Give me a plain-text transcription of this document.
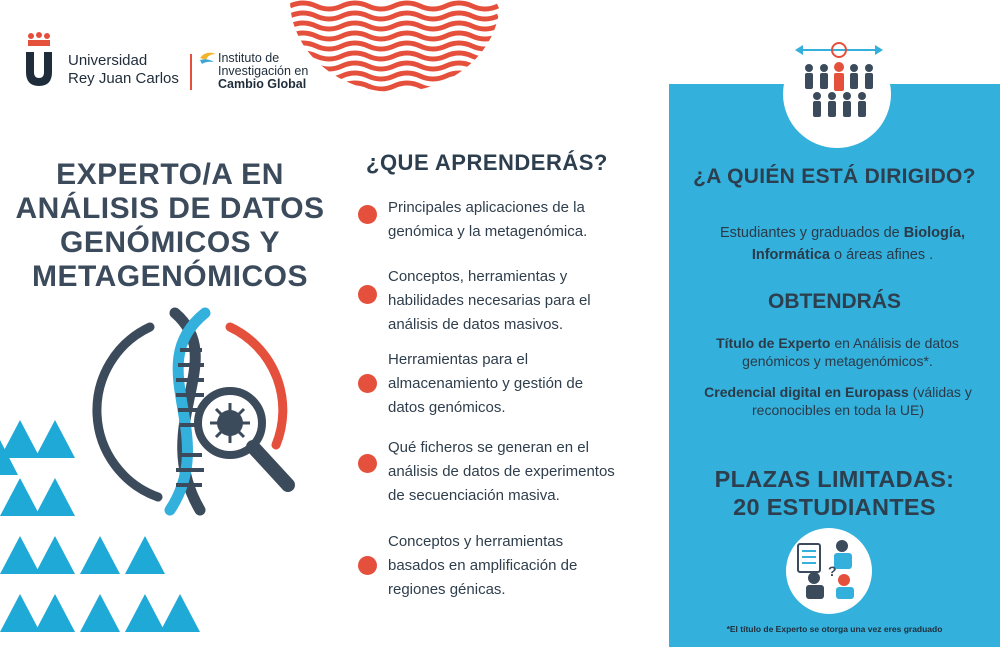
Universidad
Rey Juan Carlos
Instituto de
Investigación en
Cambio Global
EXPERTO/A EN
ANÁLISIS DE DATOS
GENÓMICOS Y
METAGENÓMICOS
¿QUE APRENDERÁS?
Principales aplicaciones de la
genómica y la metagenómica.
Conceptos, herramientas y
habilidades necesarias para el
análisis de datos masivos.
Herramientas para el
almacenamiento y gestión de
datos genómicos.
Qué ficheros se generan en el
análisis de datos de experimentos
de secuenciación masiva.
Conceptos y herramientas
basados en amplificación de
regiones génicas.
¿A QUIÉN ESTÁ DIRIGIDO?
Estudiantes y graduados de Biología,
Informática o áreas afines .
OBTENDRÁS
Título de Experto en Análisis de datos genómicos y metagenómicos*.
Credencial digital en Europass (válidas y reconocibles en toda la UE)
PLAZAS LIMITADAS:
20 ESTUDIANTES
?
*El título de Experto se otorga una vez eres graduado
